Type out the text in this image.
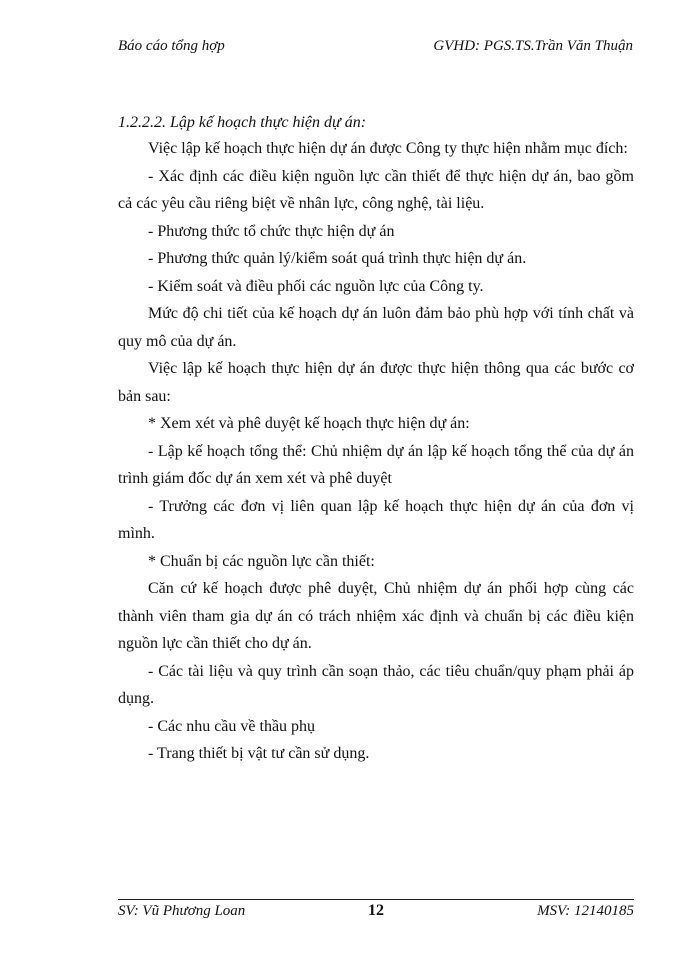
Báo cáo tổng hợp	GVHD: PGS.TS.Trần Văn Thuận
1.2.2.2. Lập kế hoạch thực hiện dự án:

Việc lập kế hoạch thực hiện dự án được Công ty thực hiện nhằm mục đích:

- Xác định các điều kiện nguồn lực cần thiết để thực hiện dự án, bao gồm cả các yêu cầu riêng biệt về nhân lực, công nghệ, tài liệu.

- Phương thức tổ chức thực hiện dự án

- Phương thức quản lý/kiểm soát quá trình thực hiện dự án.

- Kiểm soát và điều phối các nguồn lực của Công ty.

Mức độ chi tiết của kế hoạch dự án luôn đảm bảo phù hợp với tính chất và quy mô của dự án.

Việc lập kế hoạch thực hiện dự án được thực hiện thông qua các bước cơ bản sau:

* Xem xét và phê duyệt kế hoạch thực hiện dự án:

- Lập kế hoạch tổng thể: Chủ nhiệm dự án lập kế hoạch tổng thể của dự án trình giám đốc dự án xem xét và phê duyệt

- Trưởng các đơn vị liên quan lập kế hoạch thực hiện dự án của đơn vị mình.

* Chuẩn bị các nguồn lực cần thiết:

Căn cứ kế hoạch được phê duyệt, Chủ nhiệm dự án phối hợp cùng các thành viên tham gia dự án có trách nhiệm xác định và chuẩn bị các điều kiện nguồn lực cần thiết cho dự án.

- Các tài liệu và quy trình cần soạn thảo, các tiêu chuẩn/quy phạm phải áp dụng.

- Các nhu cầu về thầu phụ

- Trang thiết bị vật tư cần sử dụng.

SV: Vũ Phương Loan	12	MSV: 12140185
